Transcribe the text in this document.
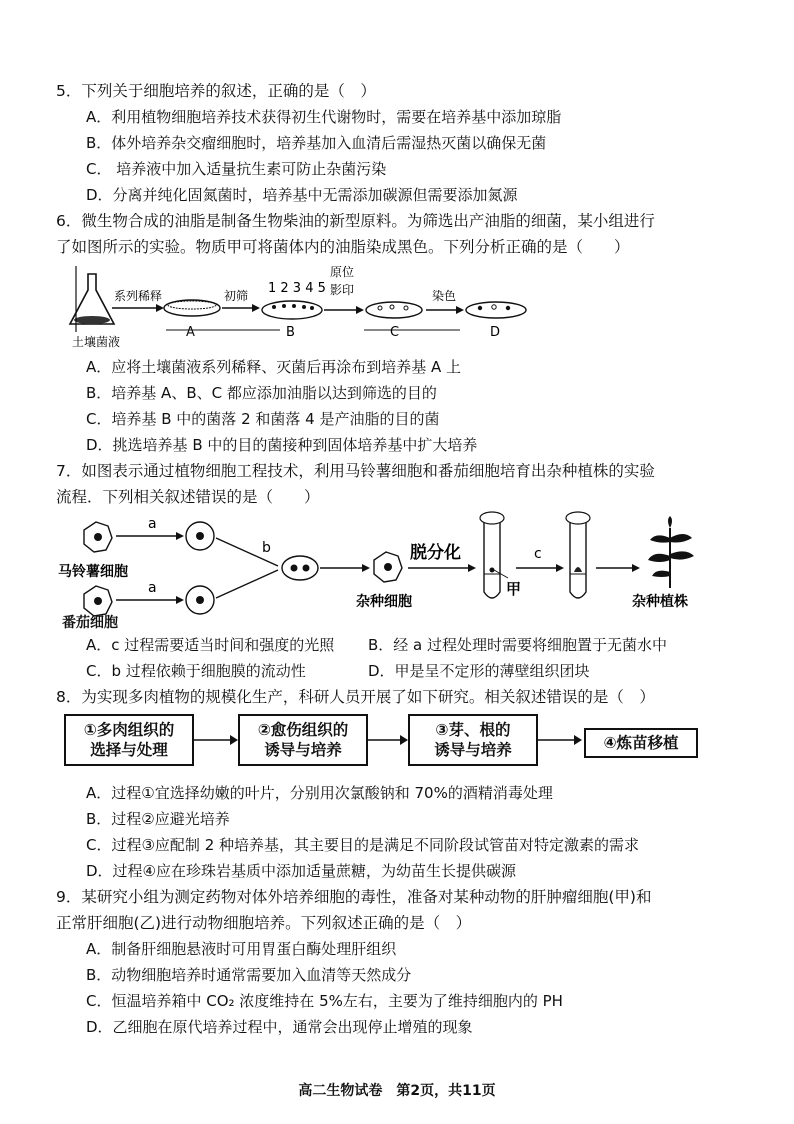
5．下列关于细胞培养的叙述，正确的是（　）
A．利用植物细胞培养技术获得初生代谢物时，需要在培养基中添加琼脂
B．体外培养杂交瘤细胞时，培养基加入血清后需湿热灭菌以确保无菌
C． 培养液中加入适量抗生素可防止杂菌污染
D．分离并纯化固氮菌时，培养基中无需添加碳源但需要添加氮源
6．微生物合成的油脂是制备生物柴油的新型原料。为筛选出产油脂的细菌，某小组进行
了如图所示的实验。物质甲可将菌体内的油脂染成黑色。下列分析正确的是（　　）
土壤菌液
系列稀释
A
初筛 1 2 3 4 5
B
原位
影印
C
染色
D
A．应将土壤菌液系列稀释、灭菌后再涂布到培养基 A 上
B．培养基 A、B、C 都应添加油脂以达到筛选的目的
C．培养基 B 中的菌落 2 和菌落 4 是产油脂的目的菌
D．挑选培养基 B 中的目的菌接种到固体培养基中扩大培养
7．如图表示通过植物细胞工程技术，利用马铃薯细胞和番茄细胞培育出杂种植株的实验
流程．下列相关叙述错误的是（　　）
马铃薯细胞
a
a
b
杂种细胞
脱分化
甲
c
杂种植株
番茄细胞
A．c 过程需要适当时间和强度的光照 B．经 a 过程处理时需要将细胞置于无菌水中
C．b 过程依赖于细胞膜的流动性	D．甲是呈不定形的薄壁组织团块
8．为实现多肉植物的规模化生产，科研人员开展了如下研究。相关叙述错误的是（　）
①多肉组织的
选择与处理
②愈伤组织的
诱导与培养
③芽、根的
诱导与培养	④炼苗移植
A．过程①宜选择幼嫩的叶片，分别用次氯酸钠和 70%的酒精消毒处理
B．过程②应避光培养
C．过程③应配制 2 种培养基，其主要目的是满足不同阶段试管苗对特定激素的需求
D．过程④应在珍珠岩基质中添加适量蔗糖，为幼苗生长提供碳源
9．某研究小组为测定药物对体外培养细胞的毒性，准备对某种动物的肝肿瘤细胞(甲)和
正常肝细胞(乙)进行动物细胞培养。下列叙述正确的是（　）
A．制备肝细胞悬液时可用胃蛋白酶处理肝组织
B．动物细胞培养时通常需要加入血清等天然成分
C．恒温培养箱中 CO₂ 浓度维持在 5%左右，主要为了维持细胞内的 PH
D．乙细胞在原代培养过程中，通常会出现停止增殖的现象
高二生物试卷　第2页，共11页
